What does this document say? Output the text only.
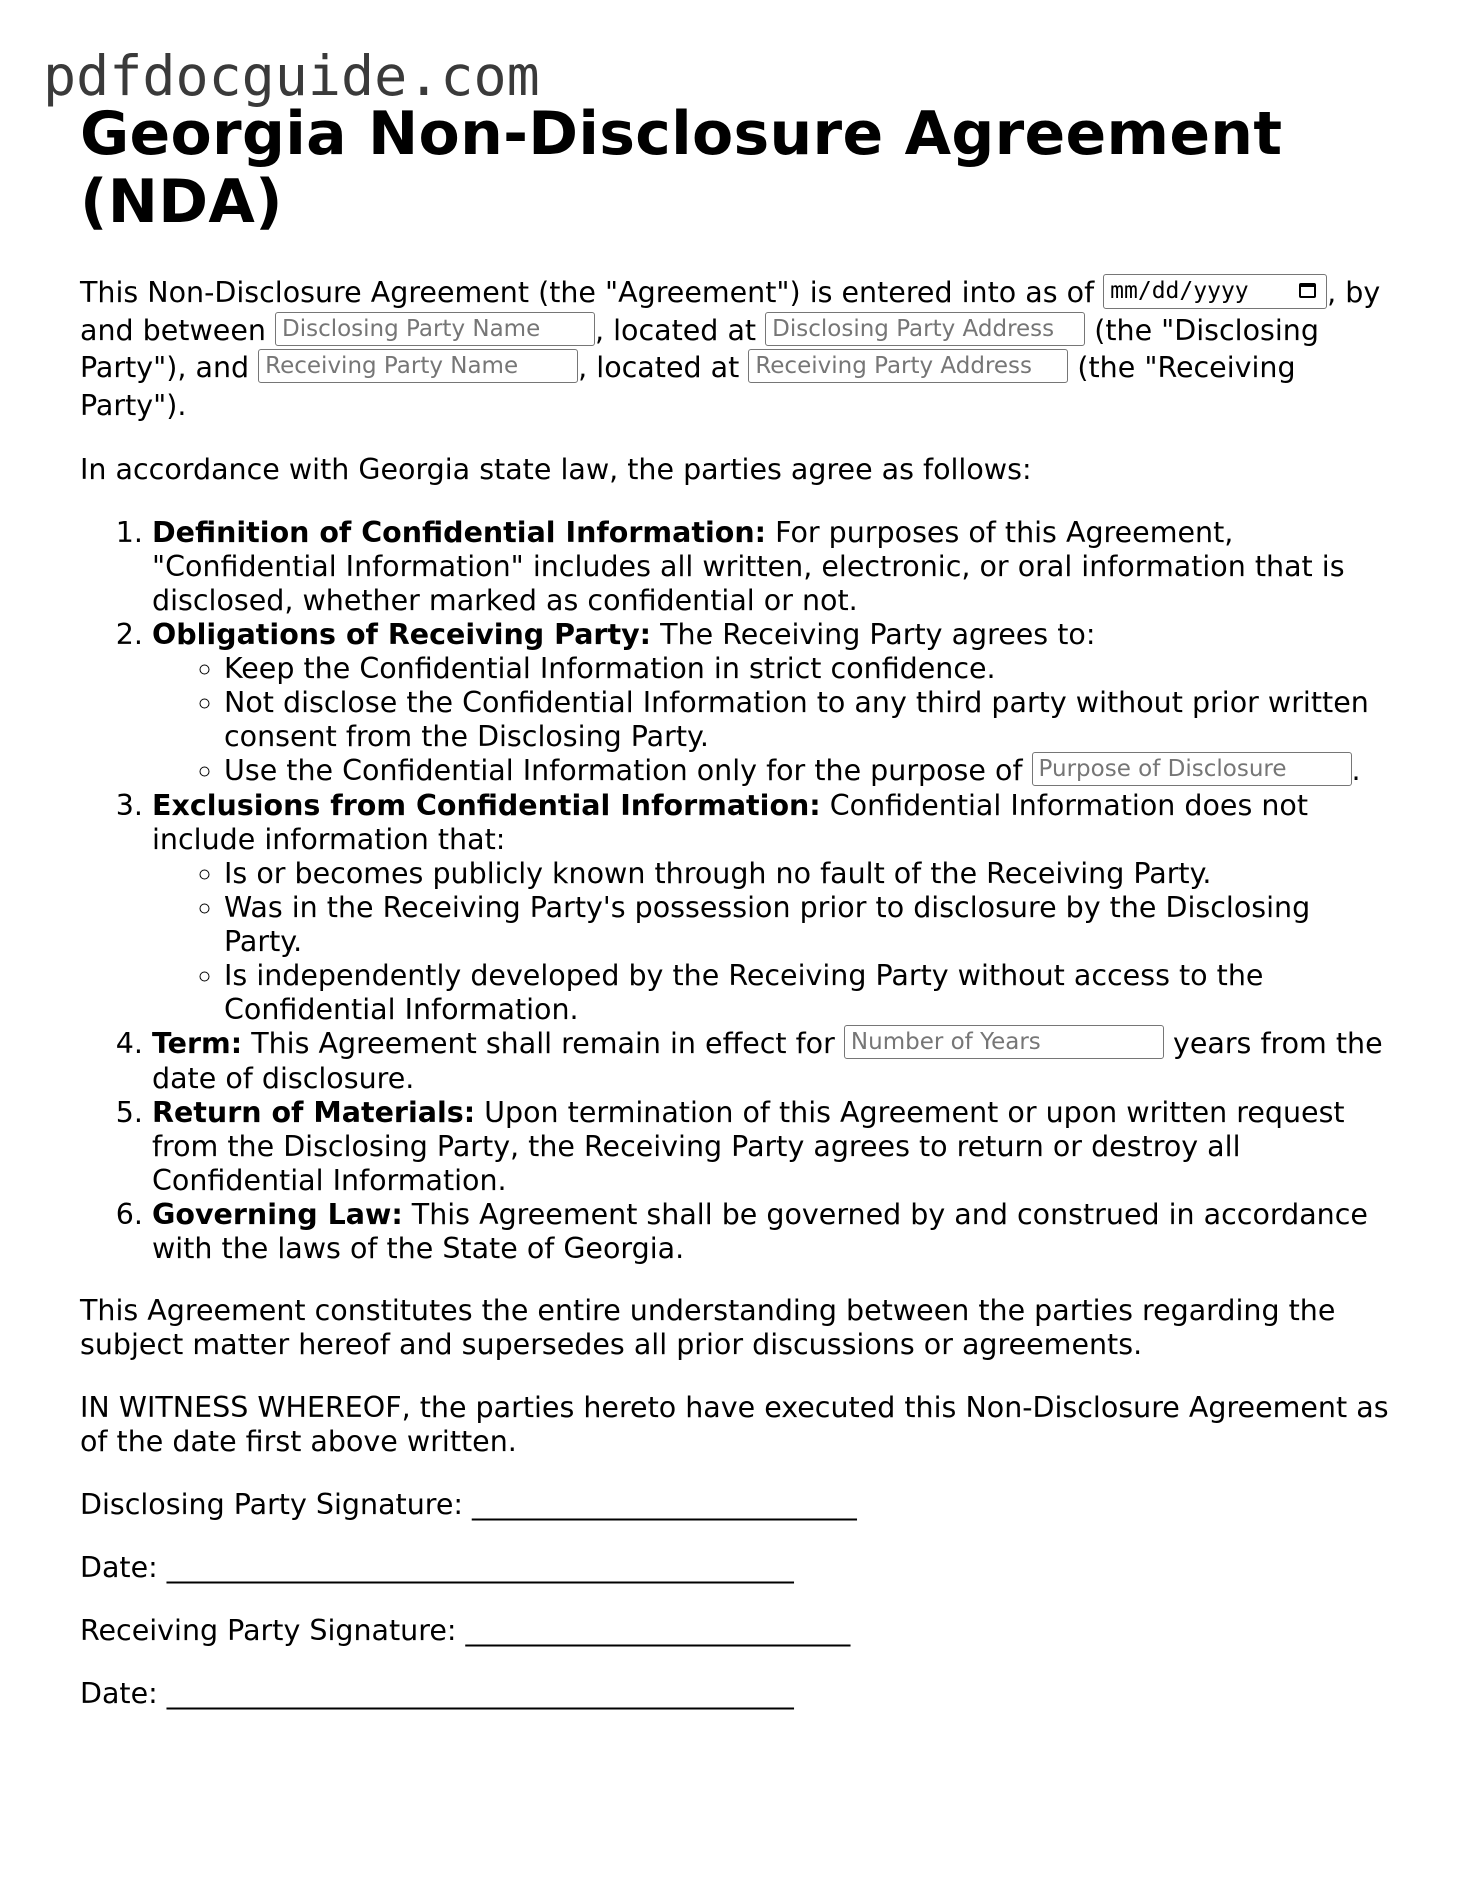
pdfdocguide.com
Georgia Non-Disclosure Agreement (NDA)

This Non-Disclosure Agreement (the "Agreement") is entered into as of mm/dd/yyyy	, by and between Disclosing Party Name	, located at Disclosing Party Address	(the "Disclosing Party"), and Receiving Party Name	, located at Receiving Party Address	(the "Receiving Party").

In accordance with Georgia state law, the parties agree as follows:

1. Definition of Confidential Information: For purposes of this Agreement, "Confidential Information" includes all written, electronic, or oral information that is disclosed, whether marked as confidential or not.
2. Obligations of Receiving Party: The Receiving Party agrees to:
◦ Keep the Confidential Information in strict confidence.
◦ Not disclose the Confidential Information to any third party without prior written consent from the Disclosing Party.
◦ Use the Confidential Information only for the purpose of Purpose of Disclosure	.
3. Exclusions from Confidential Information: Confidential Information does not include information that:
◦ Is or becomes publicly known through no fault of the Receiving Party.
◦ Was in the Receiving Party's possession prior to disclosure by the Disclosing Party.
◦ Is independently developed by the Receiving Party without access to the Confidential Information.
4. Term: This Agreement shall remain in effect for Number of Years	years from the date of disclosure.
5. Return of Materials: Upon termination of this Agreement or upon written request from the Disclosing Party, the Receiving Party agrees to return or destroy all Confidential Information.
6. Governing Law: This Agreement shall be governed by and construed in accordance with the laws of the State of Georgia.

This Agreement constitutes the entire understanding between the parties regarding the subject matter hereof and supersedes all prior discussions or agreements.

IN WITNESS WHEREOF, the parties hereto have executed this Non-Disclosure Agreement as of the date first above written.

Disclosing Party Signature: ___________________________

Date: ____________________________________________

Receiving Party Signature: ___________________________

Date: ____________________________________________
